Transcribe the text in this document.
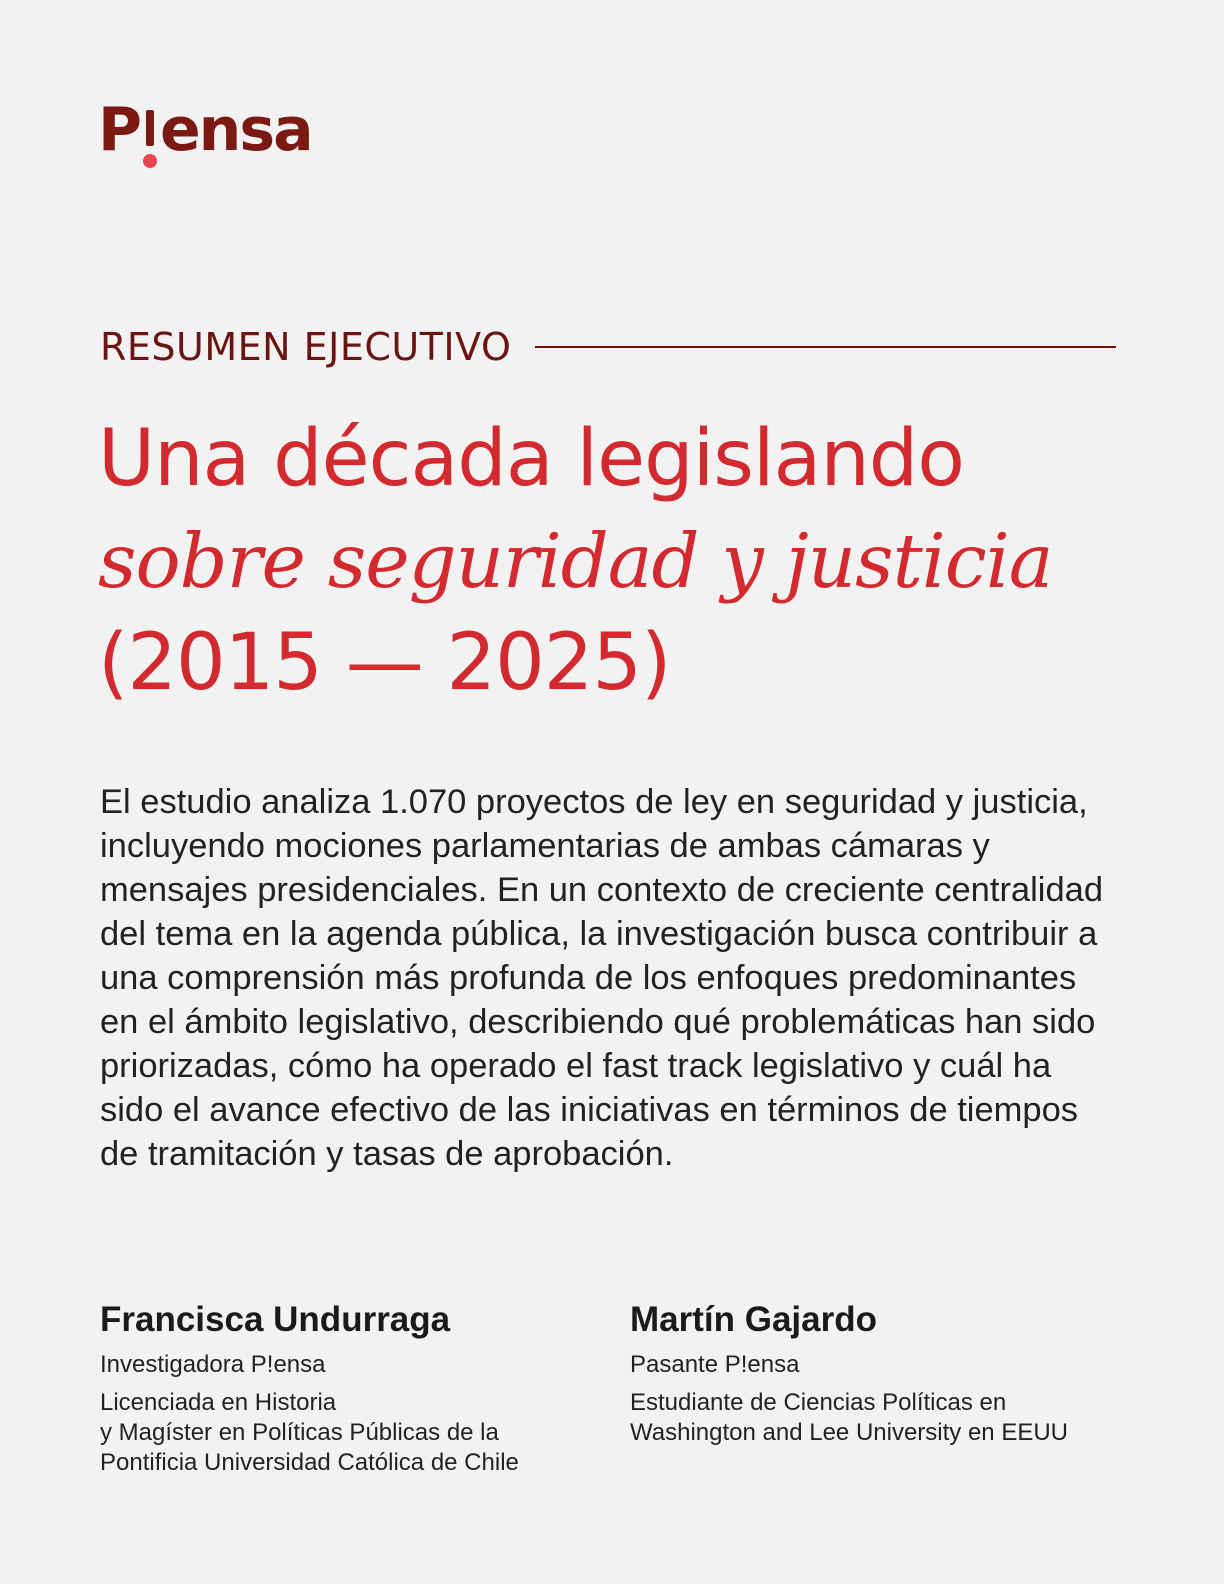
P ensa
RESUMEN EJECUTIVO
Una década legislando
sobre seguridad y justicia
(2015 — 2025)

El estudio analiza 1.070 proyectos de ley en seguridad y justicia, incluyendo mociones parlamentarias de ambas cámaras y mensajes presidenciales. En un contexto de creciente centralidad del tema en la agenda pública, la investigación busca contribuir a una comprensión más profunda de los enfoques predominantes en el ámbito legislativo, describiendo qué problemáticas han sido priorizadas, cómo ha operado el fast track legislativo y cuál ha sido el avance efectivo de las iniciativas en términos de tiempos de tramitación y tasas de aprobación.

Francisca Undurraga

Investigadora P!ensa

Licenciada en Historia
y Magíster en Políticas Públicas de la
Pontificia Universidad Católica de Chile

Martín Gajardo

Pasante P!ensa

Estudiante de Ciencias Políticas en
Washington and Lee University en EEUU
